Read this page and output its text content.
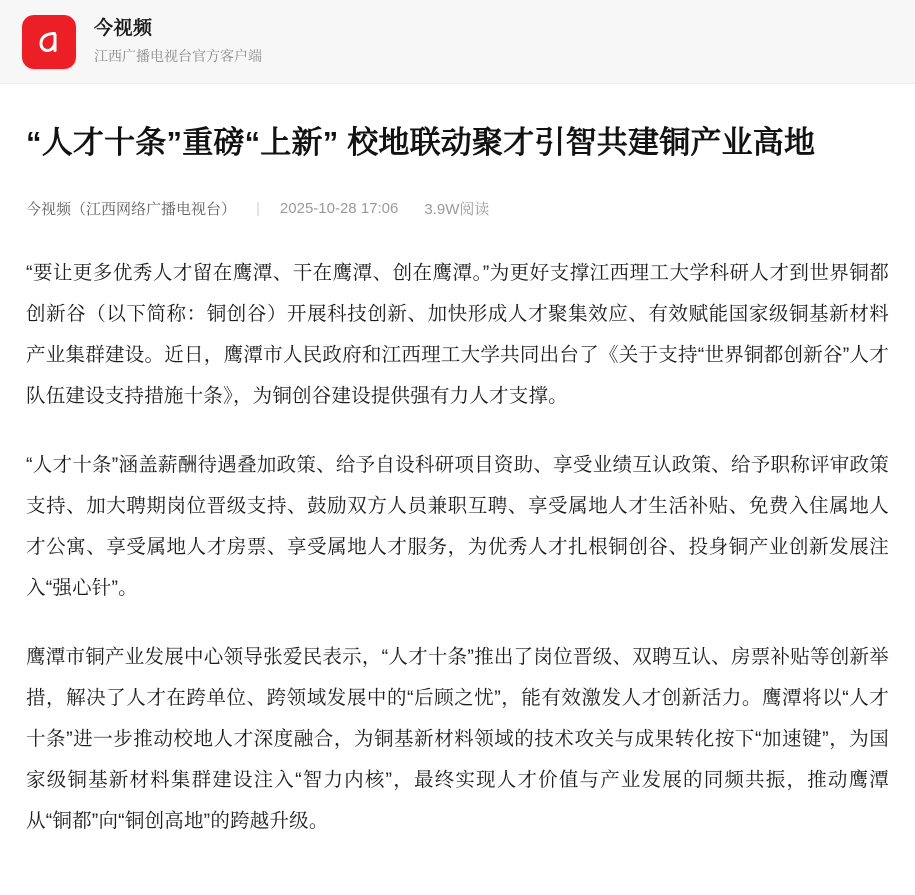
今视频
江西广播电视台官方客户端
“人才十条”重磅“上新” 校地联动聚才引智共建铜产业高地
今视频（江西网络广播电视台） | 2025-10-28 17:06 3.9W阅读

“要让更多优秀人才留在鹰潭、干在鹰潭、创在鹰潭。”为更好支撑江西理工大学科研人才到世界铜都创新谷（以下简称：铜创谷）开展科技创新、加快形成人才聚集效应、有效赋能国家级铜基新材料产业集群建设。近日，鹰潭市人民政府和江西理工大学共同出台了《关于支持“世界铜都创新谷”人才队伍建设支持措施十条》，为铜创谷建设提供强有力人才支撑。

“人才十条”涵盖薪酬待遇叠加政策、给予自设科研项目资助、享受业绩互认政策、给予职称评审政策支持、加大聘期岗位晋级支持、鼓励双方人员兼职互聘、享受属地人才生活补贴、免费入住属地人才公寓、享受属地人才房票、享受属地人才服务，为优秀人才扎根铜创谷、投身铜产业创新发展注入“强心针”。

鹰潭市铜产业发展中心领导张爱民表示，“人才十条”推出了岗位晋级、双聘互认、房票补贴等创新举措，解决了人才在跨单位、跨领域发展中的“后顾之忧”，能有效激发人才创新活力。鹰潭将以“人才十条”进一步推动校地人才深度融合，为铜基新材料领域的技术攻关与成果转化按下“加速键”，为国家级铜基新材料集群建设注入“智力内核”，最终实现人才价值与产业发展的同频共振，推动鹰潭从“铜都”向“铜创高地”的跨越升级。
